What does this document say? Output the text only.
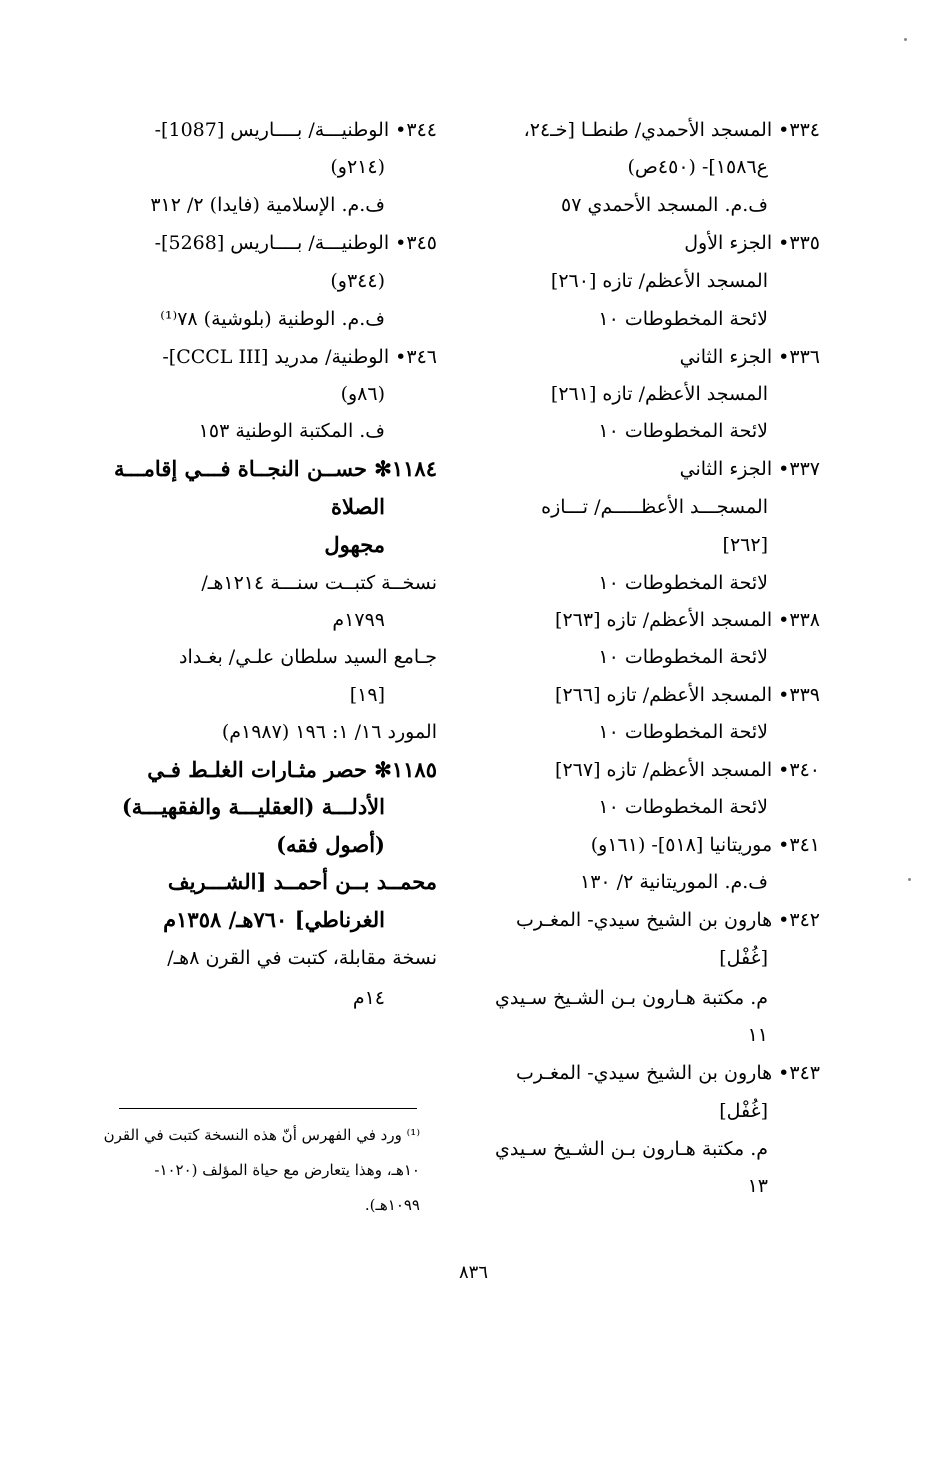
٣٣٤• المسجد الأحمدي/ طنطـا [خـ٢٤،
ع١٥٨٦]- (٤٥٠ص)
ف.م. المسجد الأحمدي ٥٧
٣٣٥• الجزء الأول
المسجد الأعظم/ تازه [٢٦٠]
لائحة المخطوطات ١٠
٣٣٦• الجزء الثاني
المسجد الأعظم/ تازه [٢٦١]
لائحة المخطوطات ١٠
٣٣٧• الجزء الثاني
المسجـــد الأعظـــــم/ تـــازه
[٢٦٢]
لائحة المخطوطات ١٠
٣٣٨• المسجد الأعظم/ تازه [٢٦٣]
لائحة المخطوطات ١٠
٣٣٩• المسجد الأعظم/ تازه [٢٦٦]
لائحة المخطوطات ١٠
٣٤٠• المسجد الأعظم/ تازه [٢٦٧]
لائحة المخطوطات ١٠
٣٤١• موريتانيا [٥١٨]- (١٦١و)
ف.م. الموريتانية ٢/ ١٣٠
٣٤٢• هارون بن الشيخ سيدي- المغـرب
[غُفْل]
م. مكتبة هـارون بـن الشـيخ سـيدي
١١
٣٤٣• هارون بن الشيخ سيدي- المغـرب
[غُفْل]
م. مكتبة هـارون بـن الشـيخ سـيدي
١٣
٣٤٤• الوطنيـــة/ بــــاريس [1087]-
(٢١٤و)
ف.م. الإسلامية (فايدا) ٢/ ٣١٢
٣٤٥• الوطنيـــة/ بــــاريس [5268]-
(٣٤٤و)
ف.م. الوطنية (بلوشية) ٧٨⁽¹⁾
٣٤٦• الوطنية/ مدريد [CCCL III]-
(٨٦و)
ف. المكتبة الوطنية ١٥٣
١١٨٤✻ حســن النجــاة فـــي إقامـــة
الصلاة
مجهول
نسخــة كتبــت سنـــة ١٢١٤هـ/
١٧٩٩م
جـامع السيد سلطان علـي/ بغـداد
[١٩]
المورد ١٦/ ١: ١٩٦ (١٩٨٧م)
١١٨٥✻ حصر مثـارات الغلـط فـي
الأدلـــة (العقليـــة والفقهيـــة)
(أصول فقه)
محمــد بــن أحمــد [الشـــريف
الغرناطي] ٧٦٠هـ/ ١٣٥٨م
نسخة مقابلة، كتبت في القرن ٨هـ/
١٤م
⁽¹⁾ ورد في الفهرس أنّ هذه النسخة كتبت في القرن
١٠هـ، وهذا يتعارض مع حياة المؤلف (١٠٢٠-
١٠٩٩هـ).
٨٣٦
